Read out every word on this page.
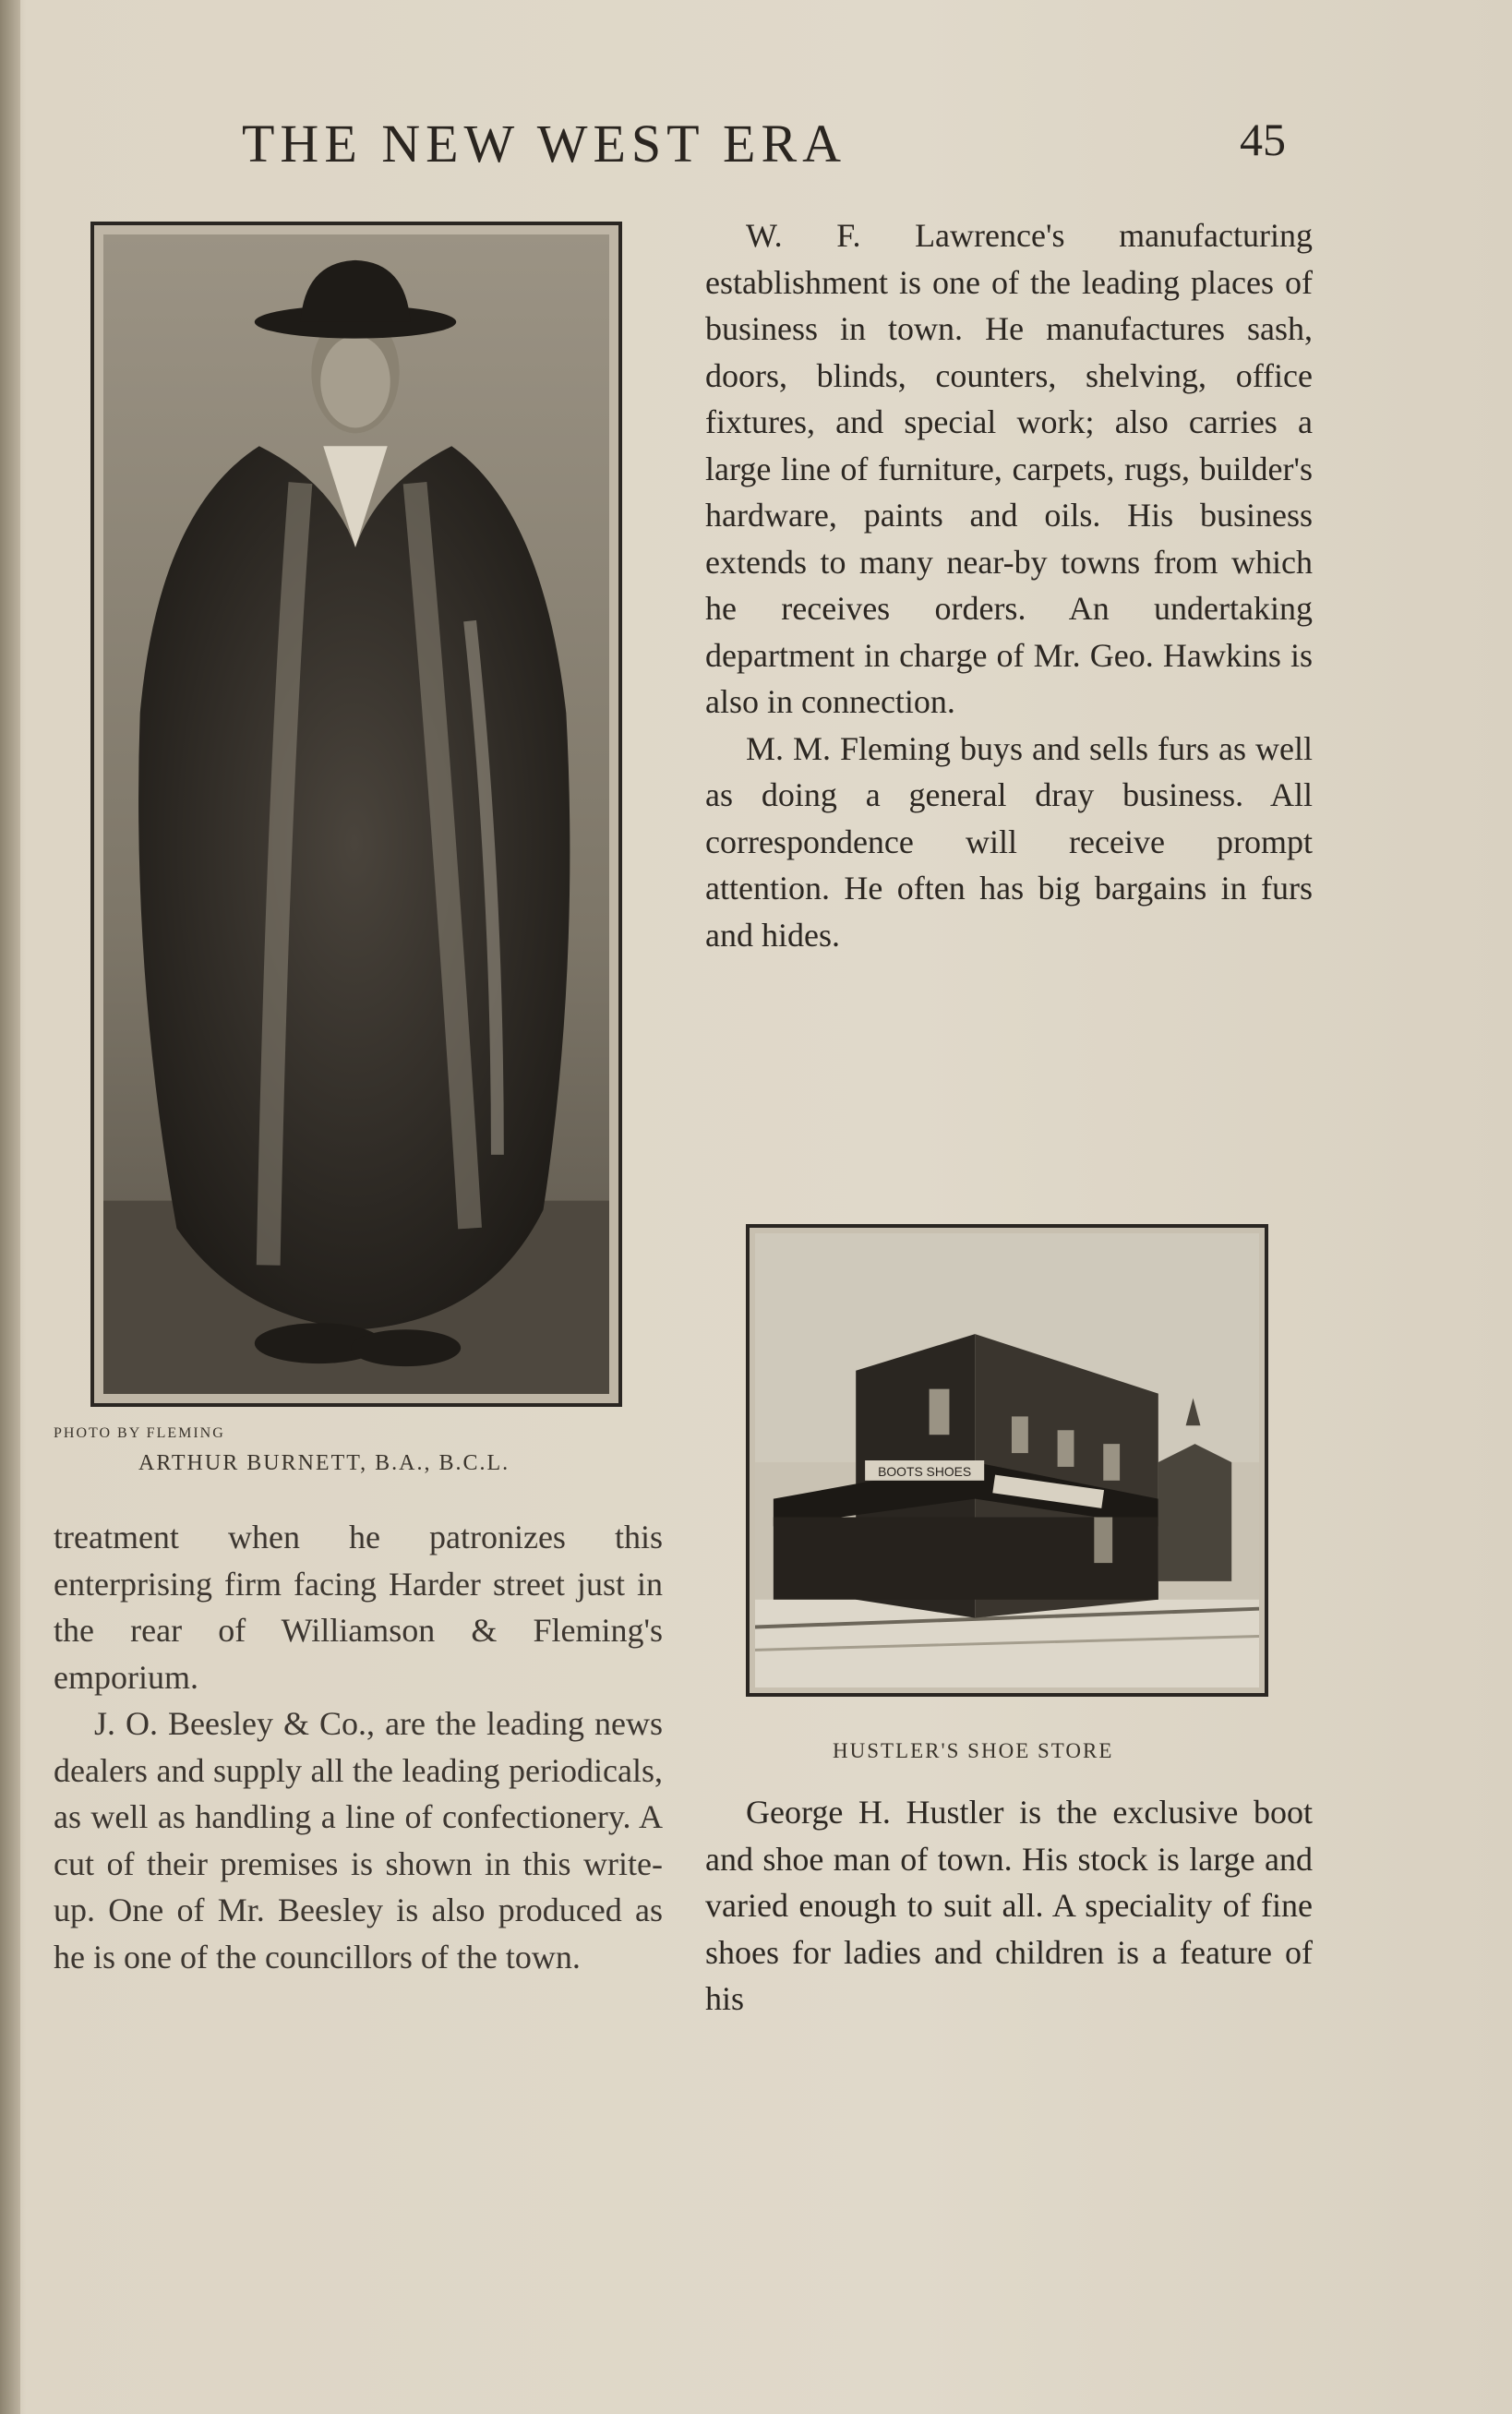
THE NEW WEST ERA	45
PHOTO BY FLEMING
ARTHUR BURNETT, B.A., B.C.L.

W. F. Lawrence's manufacturing establishment is one of the leading places of business in town. He manufactures sash, doors, blinds, counters, shelving, office fixtures, and special work; also carries a large line of furniture, carpets, rugs, builder's hardware, paints and oils. His business extends to many near-by towns from which he receives orders. An undertaking department in charge of Mr. Geo. Hawkins is also in connection.

M. M. Fleming buys and sells furs as well as doing a general dray business. All correspondence will receive prompt attention. He often has big bargains in furs and hides.

BOOTS SHOES
HUSTLER'S SHOE STORE

treatment when he patronizes this enterprising firm facing Harder street just in the rear of Williamson & Fleming's emporium.

J. O. Beesley & Co., are the leading news dealers and supply all the leading periodicals, as well as handling a line of confectionery. A cut of their premises is shown in this write-up. One of Mr. Beesley is also produced as he is one of the councillors of the town.

George H. Hustler is the exclusive boot and shoe man of town. His stock is large and varied enough to suit all. A speciality of fine shoes for ladies and children is a feature of his
